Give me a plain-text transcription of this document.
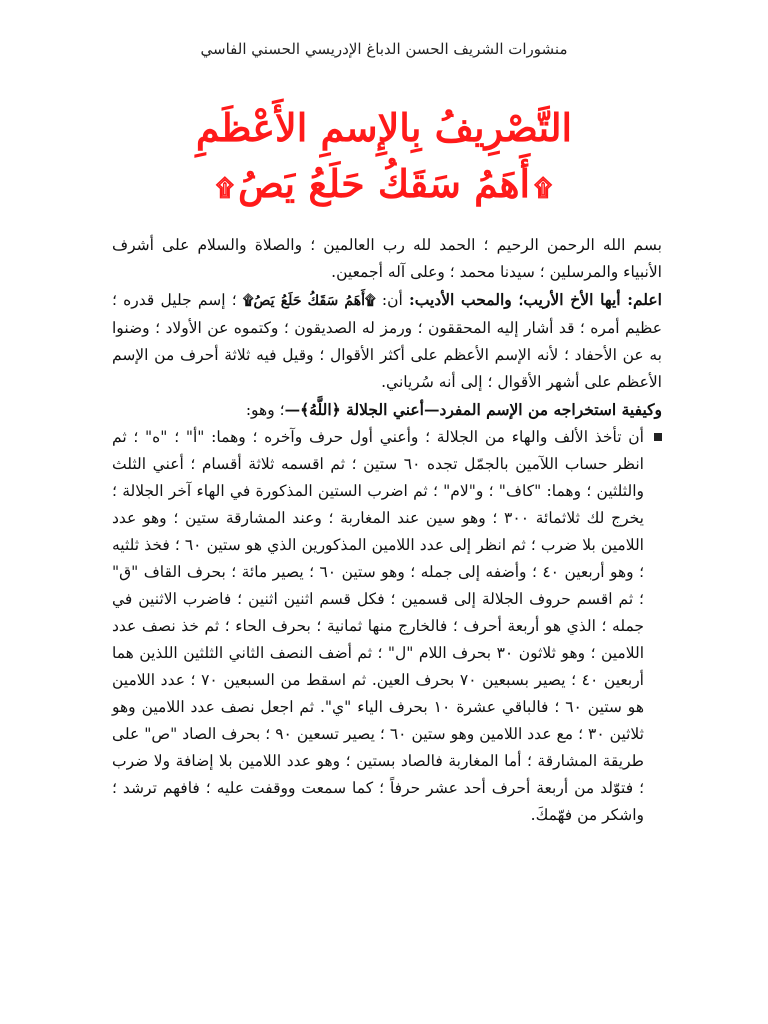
منشورات الشريف الحسن الدباغ الإدريسي الحسني الفاسي

التَّصْرِيفُ بِالإِسمِ الأَعْظَمِ

۩أَهَمُ سَقَكُ حَلَعُ يَصُ۩

بسم الله الرحمن الرحيم ؛ الحمد لله رب العالمين ؛ والصلاة والسلام على أشرف الأنبياء والمرسلين ؛ سيدنا محمد ؛ وعلى آله أجمعين.

اعلم: أيها الأخ الأريب؛ والمحب الأديب: أن: ۩أَهَمُ سَقَكُ حَلَعُ يَصُ۩ ؛ إسم جليل قدره ؛ عظيم أمره ؛ قد أشار إليه المحققون ؛ ورمز له الصديقون ؛ وكتموه عن الأولاد ؛ وضنوا به عن الأحفاد ؛ لأنه الإسم الأعظم على أكثر الأقوال ؛ وقيل فيه ثلاثة أحرف من الإسم الأعظم على أشهر الأقوال ؛ إلى أنه سُرياني.

وكيفية استخراجه من الإسم المفرد—أعني الجلالة ﴿اللَّهُ﴾—؛ وهو:

أن تأخذ الألف والهاء من الجلالة ؛ وأعني أول حرف وآخره ؛ وهما: "أ" ؛ "ه" ؛ ثم انظر حساب اللآمين بالجمّل تجده ٦٠ ستين ؛ ثم اقسمه ثلاثة أقسام ؛ أعني الثلث والثلثين ؛ وهما: "كاف" ؛ و"لام" ؛ ثم اضرب الستين المذكورة في الهاء آخر الجلالة ؛ يخرج لك ثلاثمائة ٣٠٠ ؛ وهو سين عند المغاربة ؛ وعند المشارقة ستين ؛ وهو عدد اللامين بلا ضرب ؛ ثم انظر إلى عدد اللامين المذكورين الذي هو ستين ٦٠ ؛ فخذ ثلثيه ؛ وهو أربعين ٤٠ ؛ وأضفه إلى جمله ؛ وهو ستين ٦٠ ؛ يصير مائة ؛ بحرف القاف "ق" ؛ ثم اقسم حروف الجلالة إلى قسمين ؛ فكل قسم اثنين اثنين ؛ فاضرب الاثنين في جمله ؛ الذي هو أربعة أحرف ؛ فالخارج منها ثمانية ؛ بحرف الحاء ؛ ثم خذ نصف عدد اللامين ؛ وهو ثلاثون ٣٠ بحرف اللام "ل" ؛ ثم أضف النصف الثاني الثلثين اللذين هما أربعين ٤٠ ؛ يصير بسبعين ٧٠ بحرف العين. ثم اسقط من السبعين ٧٠ ؛ عدد اللامين هو ستين ٦٠ ؛ فالباقي عشرة ١٠ بحرف الياء "ي". ثم اجعل نصف عدد اللامين وهو ثلاثين ٣٠ ؛ مع عدد اللامين وهو ستين ٦٠ ؛ يصير تسعين ٩٠ ؛ بحرف الصاد "ص" على طريقة المشارقة ؛ أما المغاربة فالصاد بستين ؛ وهو عدد اللامين بلا إضافة ولا ضرب ؛ فتوّلد من أربعة أحرف أحد عشر حرفاً ؛ كما سمعت ووقفت عليه ؛ فافهم ترشد ؛ واشكر من فهّمكَ.
